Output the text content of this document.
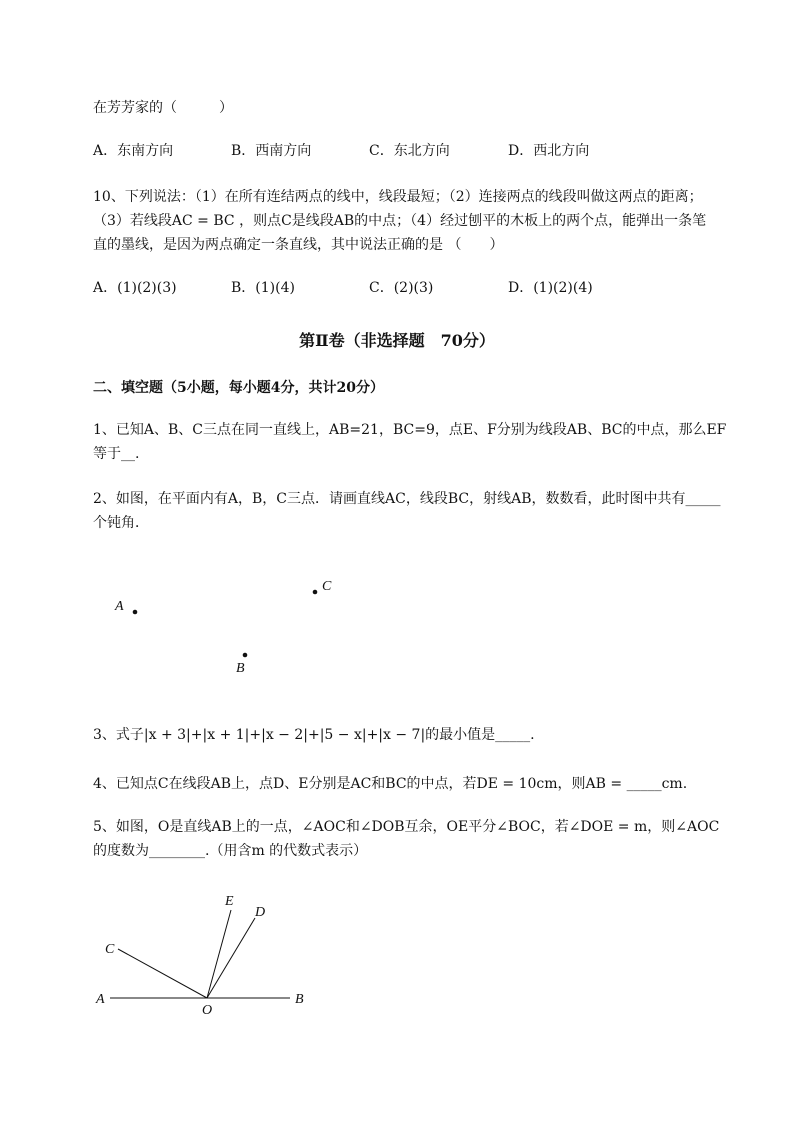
在芳芳家的（　　　）
A．东南方向	B．西南方向	C．东北方向	D．西北方向
10、下列说法：（1）在所有连结两点的线中，线段最短；（2）连接两点的线段叫做这两点的距离；
（3）若线段AC = BC ，则点C是线段AB的中点；（4）经过刨平的木板上的两个点，能弹出一条笔
直的墨线，是因为两点确定一条直线，其中说法正确的是 （　　）
A．(1)(2)(3)	B．(1)(4)	C．(2)(3)	D．(1)(2)(4)
第Ⅱ卷（非选择题　70分）
二、填空题（5小题，每小题4分，共计20分）
1、已知A、B、C三点在同一直线上，AB=21，BC=9，点E、F分别为线段AB、BC的中点，那么EF
等于__.
2、如图，在平面内有A，B，C三点．请画直线AC，线段BC，射线AB，数数看，此时图中共有_____
个钝角．
A
C
B
3、式子|x + 3|+|x + 1|+|x − 2|+|5 − x|+|x − 7|的最小值是_____.
4、已知点C在线段AB上，点D、E分别是AC和BC的中点，若DE = 10cm，则AB = _____cm.
5、如图，O是直线AB上的一点，∠AOC和∠DOB互余，OE平分∠BOC，若∠DOE = m，则∠AOC
的度数为________.（用含m 的代数式表示）
A	B
C
E
D
O
